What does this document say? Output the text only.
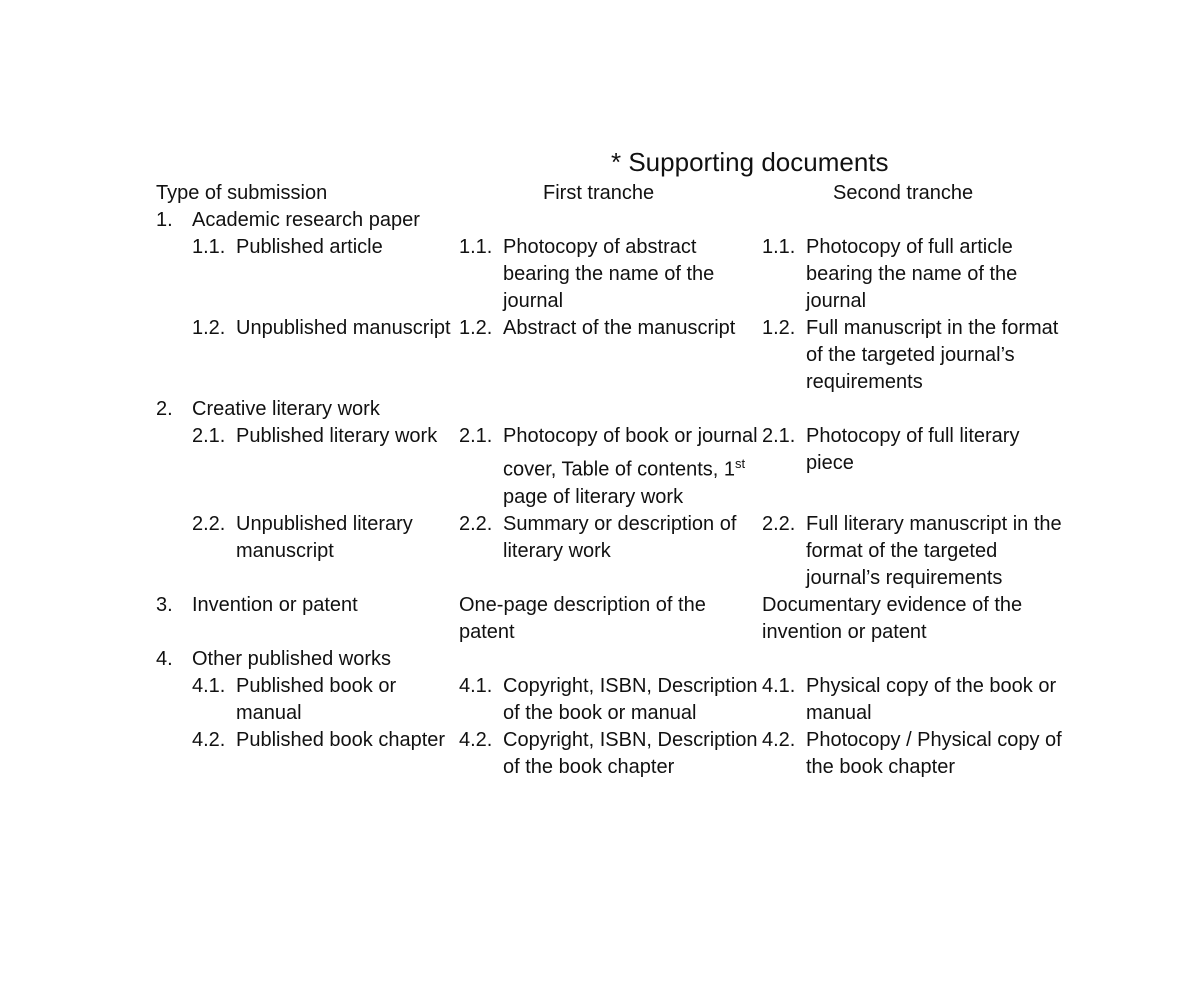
* Supporting documents
Type of submission	First tranche	Second tranche
1. Academic research paper		

1.1. Published article	1.1. Photocopy of abstract bearing the name of the journal	1.1. Photocopy of full article bearing the name of the journal

1.2. Unpublished manuscript	1.2. Abstract of the manuscript	1.2. Full manuscript in the format of the targeted journal’s requirements

2. Creative literary work		

2.1. Published literary work	2.1. Photocopy of book or journal cover, Table of contents, 1st page of literary work	2.1. Photocopy of full literary piece

2.2. Unpublished literary manuscript	2.2. Summary or description of literary work	2.2. Full literary manuscript in the format of the targeted journal’s requirements

3. Invention or patent	One-page description of the patent	Documentary evidence of the invention or patent

4. Other published works		

4.1. Published book or manual	4.1. Copyright, ISBN, Description of the book or manual	4.1. Physical copy of the book or manual

4.2. Published book chapter	4.2. Copyright, ISBN, Description of the book chapter	4.2. Photocopy / Physical copy of the book chapter
